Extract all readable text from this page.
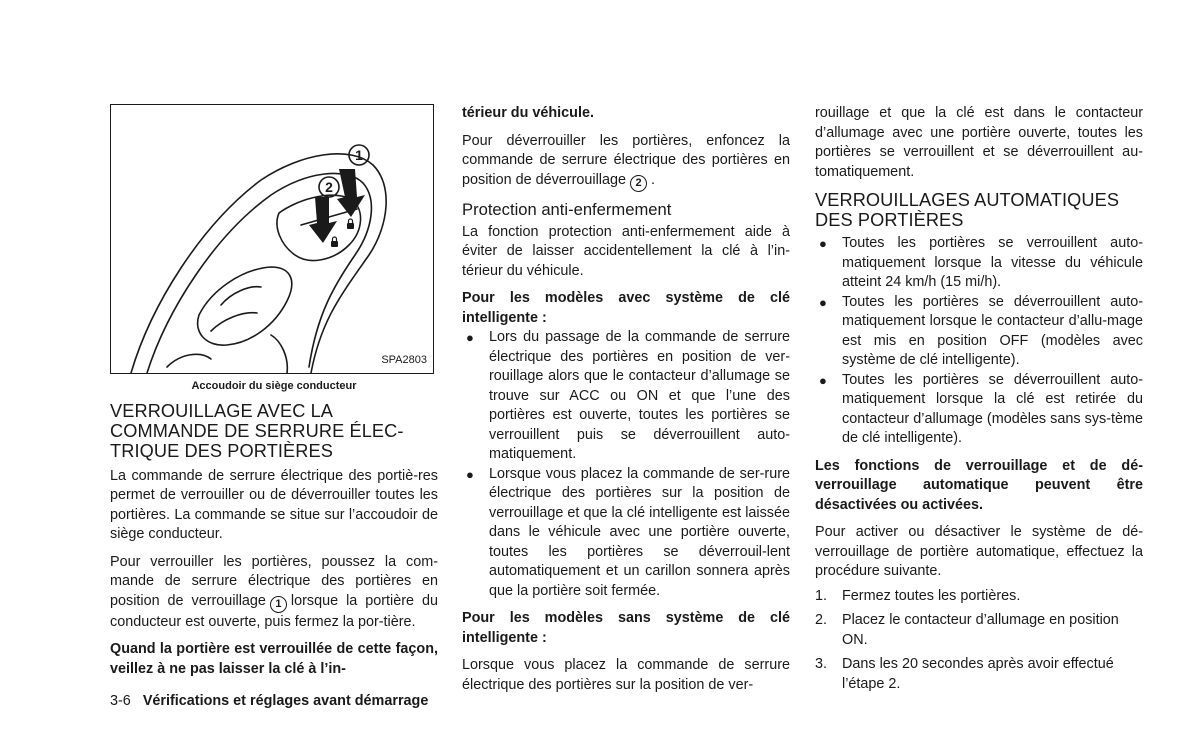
1
2
SPA2803
Accoudoir du siège conducteur
VERROUILLAGE AVEC LA
COMMANDE DE SERRURE ÉLEC-
TRIQUE DES PORTIÈRES

La commande de serrure électrique des portiè-res permet de verrouiller ou de déverrouiller toutes les portières. La commande se situe sur l’accoudoir de siège conducteur.

Pour verrouiller les portières, poussez la com-mande de serrure électrique des portières en position de verrouillage 1 lorsque la portière du conducteur est ouverte, puis fermez la por-tière.

Quand la portière est verrouillée de cette façon, veillez à ne pas laisser la clé à l’in-

térieur du véhicule.

Pour déverrouiller les portières, enfoncez la commande de serrure électrique des portières en position de déverrouillage 2 .

Protection anti-enfermement

La fonction protection anti-enfermement aide à éviter de laisser accidentellement la clé à l’in-térieur du véhicule.

Pour les modèles avec système de clé intelligente :

● Lors du passage de la commande de serrure électrique des portières en position de ver-rouillage alors que le contacteur d’allumage se trouve sur ACC ou ON et que l’une des portières est ouverte, toutes les portières se verrouillent puis se déverrouillent auto-matiquement.
● Lorsque vous placez la commande de ser-rure électrique des portières sur la position de verrouillage et que la clé intelligente est laissée dans le véhicule avec une portière ouverte, toutes les portières se déverrouil-lent automatiquement et un carillon sonnera après que la portière soit fermée.

Pour les modèles sans système de clé intelligente :

Lorsque vous placez la commande de serrure électrique des portières sur la position de ver-

rouillage et que la clé est dans le contacteur d’allumage avec une portière ouverte, toutes les portières se verrouillent et se déverrouillent au-tomatiquement.

VERROUILLAGES AUTOMATIQUES
DES PORTIÈRES
● Toutes les portières se verrouillent auto-matiquement lorsque la vitesse du véhicule atteint 24 km/h (15 mi/h).
● Toutes les portières se déverrouillent auto-matiquement lorsque le contacteur d’allu-mage est mis en position OFF (modèles avec système de clé intelligente).
● Toutes les portières se déverrouillent auto-matiquement lorsque la clé est retirée du contacteur d’allumage (modèles sans sys-tème de clé intelligente).

Les fonctions de verrouillage et de dé-verrouillage automatique peuvent être désactivées ou activées.

Pour activer ou désactiver le système de dé-verrouillage de portière automatique, effectuez la procédure suivante.

1. Fermez toutes les portières.
2. Placez le contacteur d’allumage en position ON.
3. Dans les 20 secondes après avoir effectué l’étape 2.
3-6 Vérifications et réglages avant démarrage
